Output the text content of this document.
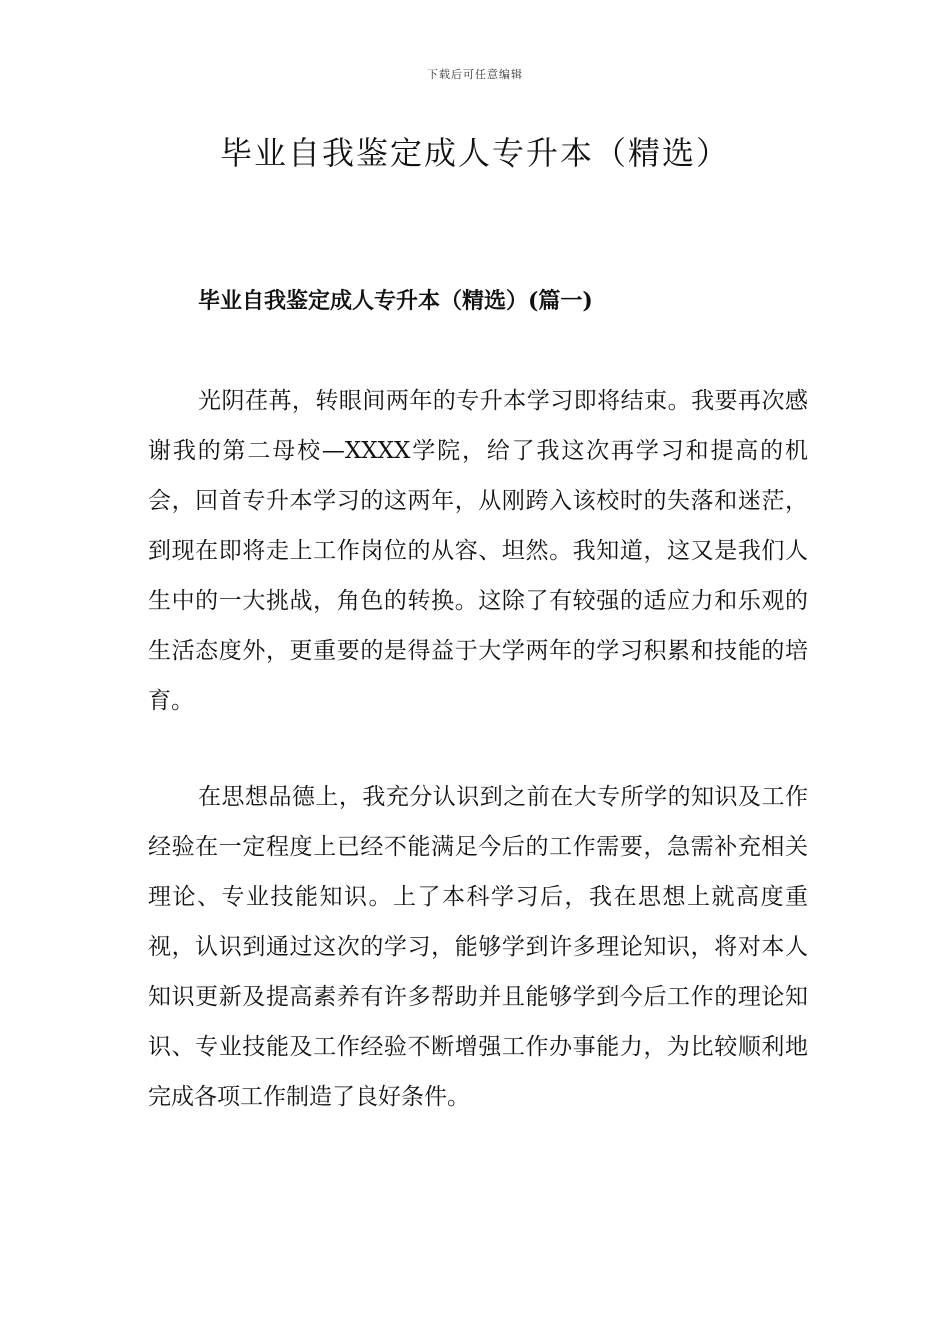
下载后可任意编辑
毕业自我鉴定成人专升本（精选）
毕业自我鉴定成人专升本（精选）(篇一)

光阴荏苒，转眼间两年的专升本学习即将结束。我要再次感谢我的第二母校—XXXX学院，给了我这次再学习和提高的机会，回首专升本学习的这两年，从刚跨入该校时的失落和迷茫，到现在即将走上工作岗位的从容、坦然。我知道，这又是我们人生中的一大挑战，角色的转换。这除了有较强的适应力和乐观的生活态度外，更重要的是得益于大学两年的学习积累和技能的培育。

在思想品德上，我充分认识到之前在大专所学的知识及工作经验在一定程度上已经不能满足今后的工作需要，急需补充相关理论、专业技能知识。上了本科学习后，我在思想上就高度重视，认识到通过这次的学习，能够学到许多理论知识，将对本人知识更新及提高素养有许多帮助并且能够学到今后工作的理论知识、专业技能及工作经验不断增强工作办事能力，为比较顺利地完成各项工作制造了良好条件。
